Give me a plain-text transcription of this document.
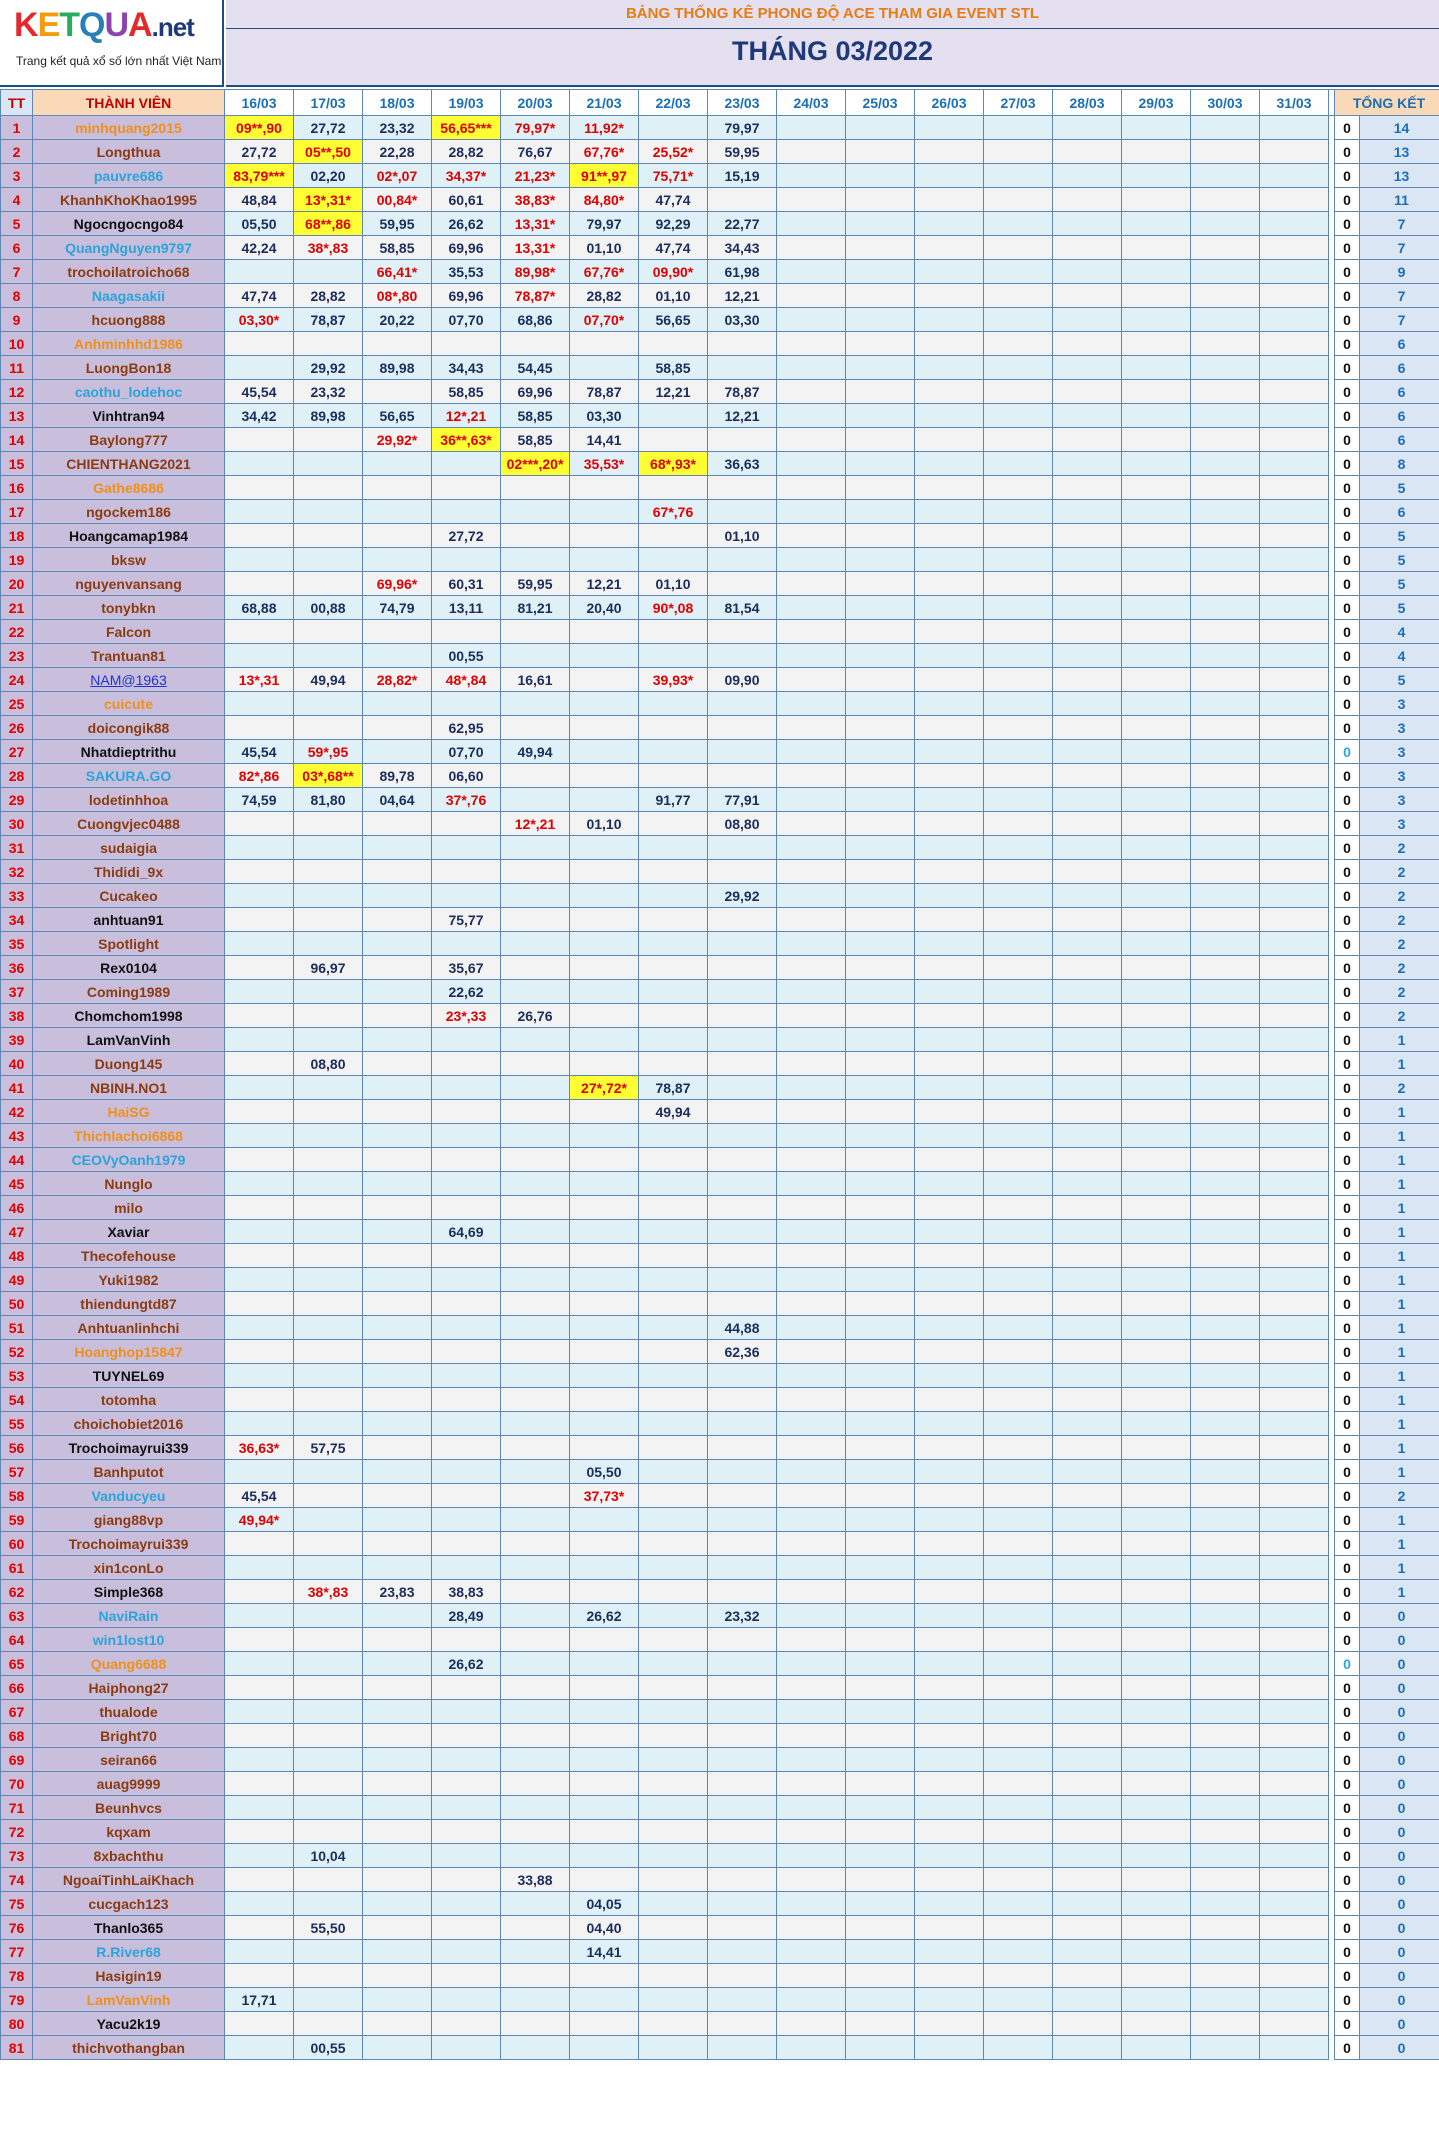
KETQUA.net
Trang kết quả xổ số lớn nhất Việt Nam
BẢNG THỐNG KÊ PHONG ĐỘ ACE THAM GIA EVENT STL
THÁNG 03/2022
TT	THÀNH VIÊN	16/03	17/03	18/03	19/03	20/03	21/03	22/03	23/03	24/03	25/03	26/03	27/03	28/03	29/03	30/03	31/03		TỔNG KẾT	
1	minhquang2015	09**,90	27,72	23,32	56,65***	79,97*	11,92*		79,97										0	14
2	Longthua	27,72	05**,50	22,28	28,82	76,67	67,76*	25,52*	59,95										0	13
3	pauvre686	83,79***	02,20	02*,07	34,37*	21,23*	91**,97	75,71*	15,19										0	13
4	KhanhKhoKhao1995	48,84	13*,31*	00,84*	60,61	38,83*	84,80*	47,74											0	11
5	Ngocngocngo84	05,50	68**,86	59,95	26,62	13,31*	79,97	92,29	22,77										0	7
6	QuangNguyen9797	42,24	38*,83	58,85	69,96	13,31*	01,10	47,74	34,43										0	7
7	trochoilatroicho68			66,41*	35,53	89,98*	67,76*	09,90*	61,98										0	9
8	Naagasakii	47,74	28,82	08*,80	69,96	78,87*	28,82	01,10	12,21										0	7
9	hcuong888	03,30*	78,87	20,22	07,70	68,86	07,70*	56,65	03,30										0	7
10	Anhminhhd1986																		0	6
11	LuongBon18		29,92	89,98	34,43	54,45		58,85											0	6
12	caothu_lodehoc	45,54	23,32		58,85	69,96	78,87	12,21	78,87										0	6
13	Vinhtran94	34,42	89,98	56,65	12*,21	58,85	03,30		12,21										0	6
14	Baylong777			29,92*	36**,63*	58,85	14,41												0	6
15	CHIENTHANG2021					02***,20*	35,53*	68*,93*	36,63										0	8
16	Gathe8686																		0	5
17	ngockem186							67*,76											0	6
18	Hoangcamap1984				27,72				01,10										0	5
19	bksw																		0	5
20	nguyenvansang			69,96*	60,31	59,95	12,21	01,10											0	5
21	tonybkn	68,88	00,88	74,79	13,11	81,21	20,40	90*,08	81,54										0	5
22	Falcon																		0	4
23	Trantuan81				00,55														0	4
24	NAM@1963	13*,31	49,94	28,82*	48*,84	16,61		39,93*	09,90										0	5
25	cuicute																		0	3
26	doicongik88				62,95														0	3
27	Nhatdieptrithu	45,54	59*,95		07,70	49,94													0	3
28	SAKURA.GO	82*,86	03*,68**	89,78	06,60														0	3
29	lodetinhhoa	74,59	81,80	04,64	37*,76			91,77	77,91										0	3
30	Cuongvjec0488					12*,21	01,10		08,80										0	3
31	sudaigia																		0	2
32	Thididi_9x																		0	2
33	Cucakeo								29,92										0	2
34	anhtuan91				75,77														0	2
35	Spotlight																		0	2
36	Rex0104		96,97		35,67														0	2
37	Coming1989				22,62														0	2
38	Chomchom1998				23*,33	26,76													0	2
39	LamVanVinh																		0	1
40	Duong145		08,80																0	1
41	NBINH.NO1						27*,72*	78,87											0	2
42	HaiSG							49,94											0	1
43	Thichlachoi6868																		0	1
44	CEOVyOanh1979																		0	1
45	Nunglo																		0	1
46	milo																		0	1
47	Xaviar				64,69														0	1
48	Thecofehouse																		0	1
49	Yuki1982																		0	1
50	thiendungtd87																		0	1
51	Anhtuanlinhchi								44,88										0	1
52	Hoanghop15847								62,36										0	1
53	TUYNEL69																		0	1
54	totomha																		0	1
55	choichobiet2016																		0	1
56	Trochoimayrui339	36,63*	57,75																0	1
57	Banhputot						05,50												0	1
58	Vanducyeu	45,54					37,73*												0	2
59	giang88vp	49,94*																	0	1
60	Trochoimayrui339																		0	1
61	xin1conLo																		0	1
62	Simple368		38*,83	23,83	38,83														0	1
63	NaviRain				28,49		26,62		23,32										0	0
64	win1lost10																		0	0
65	Quang6688				26,62														0	0
66	Haiphong27																		0	0
67	thualode																		0	0
68	Bright70																		0	0
69	seiran66																		0	0
70	auag9999																		0	0
71	Beunhvcs																		0	0
72	kqxam																		0	0
73	8xbachthu		10,04																0	0
74	NgoaiTinhLaiKhach					33,88													0	0
75	cucgach123						04,05												0	0
76	Thanlo365		55,50				04,40												0	0
77	R.River68						14,41												0	0
78	Hasigin19																		0	0
79	LamVanVinh	17,71																	0	0
80	Yacu2k19																		0	0
81	thichvothangban		00,55																0	0
